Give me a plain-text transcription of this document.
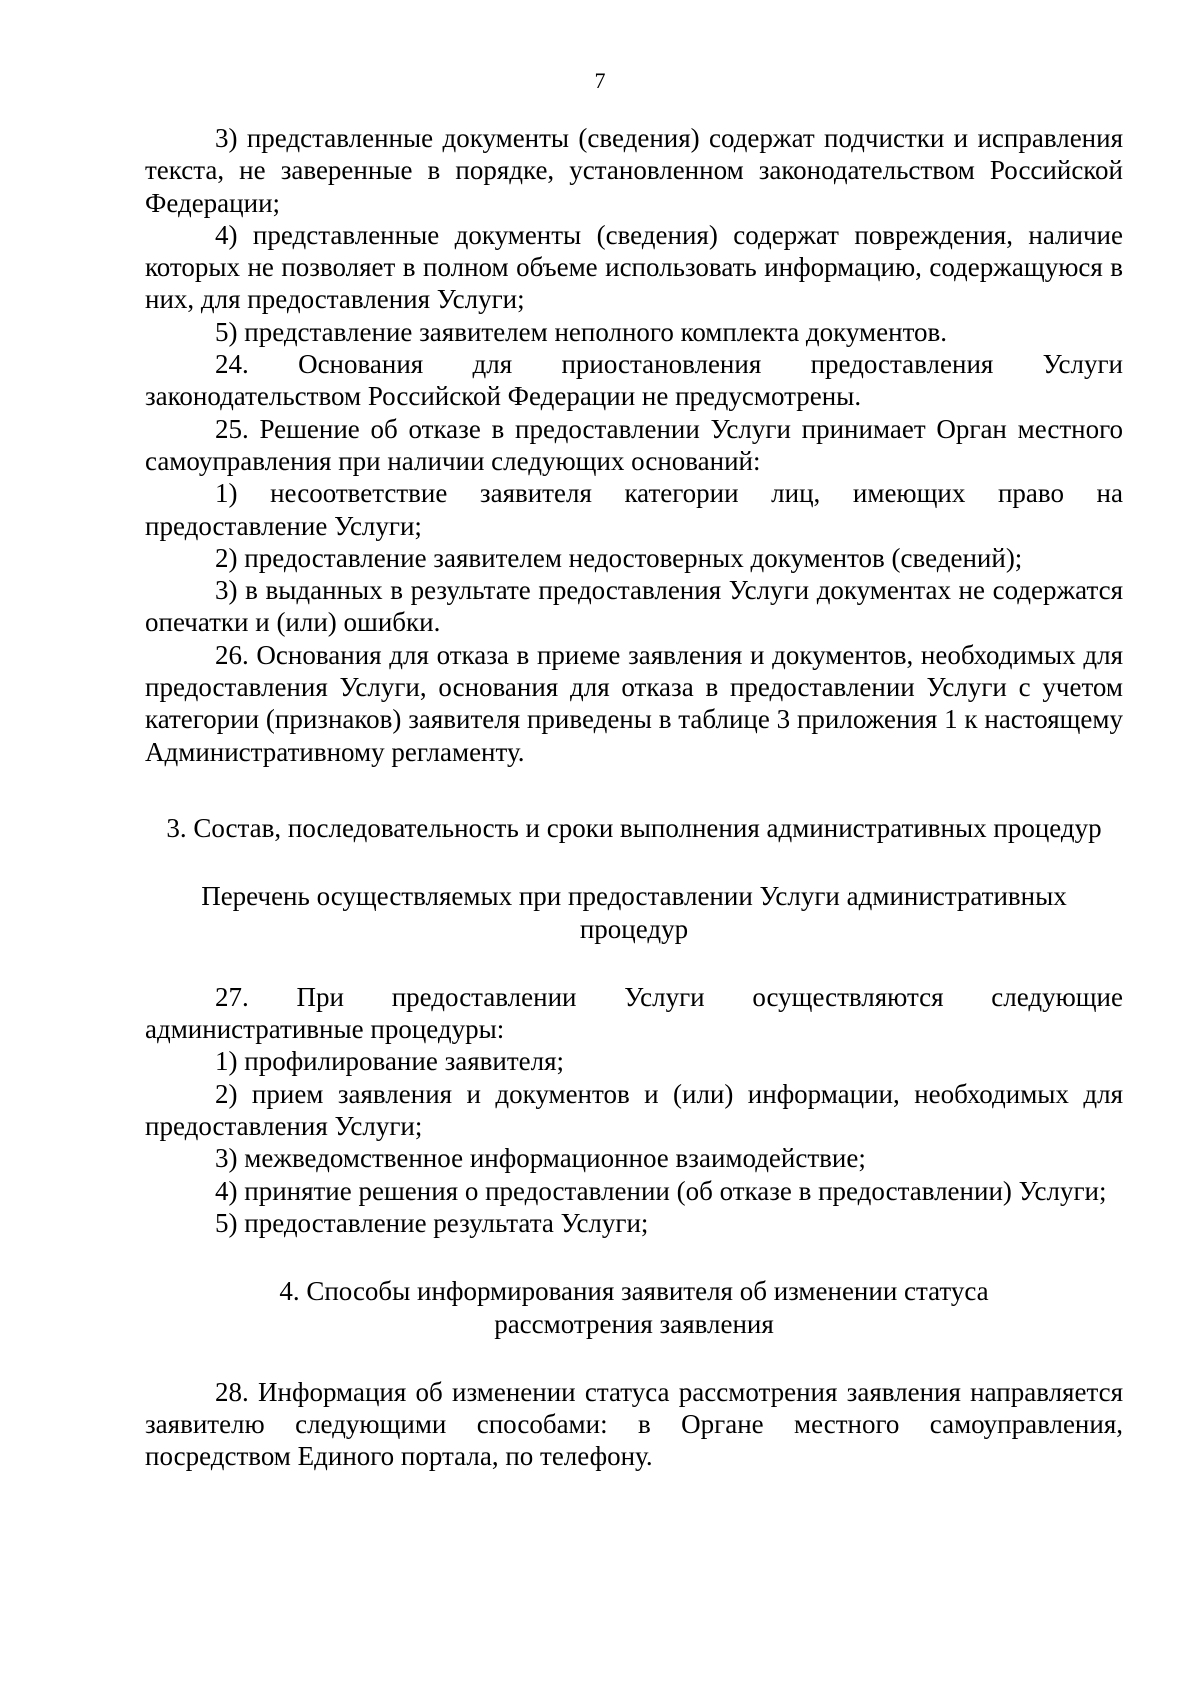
7

3) представленные документы (сведения) содержат подчистки и исправления текста, не заверенные в порядке, установленном законодательством Российской Федерации;

4) представленные документы (сведения) содержат повреждения, наличие которых не позволяет в полном объеме использовать информацию, содержащуюся в них, для предоставления Услуги;

5) представление заявителем неполного комплекта документов.

24. Основания для приостановления предоставления Услуги законодательством Российской Федерации не предусмотрены.

25. Решение об отказе в предоставлении Услуги принимает Орган местного самоуправления при наличии следующих оснований:

1) несоответствие заявителя категории лиц, имеющих право на предоставление Услуги;

2) предоставление заявителем недостоверных документов (сведений);

3) в выданных в результате предоставления Услуги документах не содержатся опечатки и (или) ошибки.

26. Основания для отказа в приеме заявления и документов, необходимых для предоставления Услуги, основания для отказа в предоставлении Услуги с учетом категории (признаков) заявителя приведены в таблице 3 приложения 1 к настоящему Административному регламенту.

3. Состав, последовательность и сроки выполнения административных процедур
Перечень осуществляемых при предоставлении Услуги административных процедур

27. При предоставлении Услуги осуществляются следующие административные процедуры:

1) профилирование заявителя;

2) прием заявления и документов и (или) информации, необходимых для предоставления Услуги;

3) межведомственное информационное взаимодействие;

4) принятие решения о предоставлении (об отказе в предоставлении) Услуги;

5) предоставление результата Услуги;

4. Способы информирования заявителя об изменении статуса рассмотрения заявления

28. Информация об изменении статуса рассмотрения заявления направляется заявителю следующими способами: в Органе местного самоуправления, посредством Единого портала, по телефону.
